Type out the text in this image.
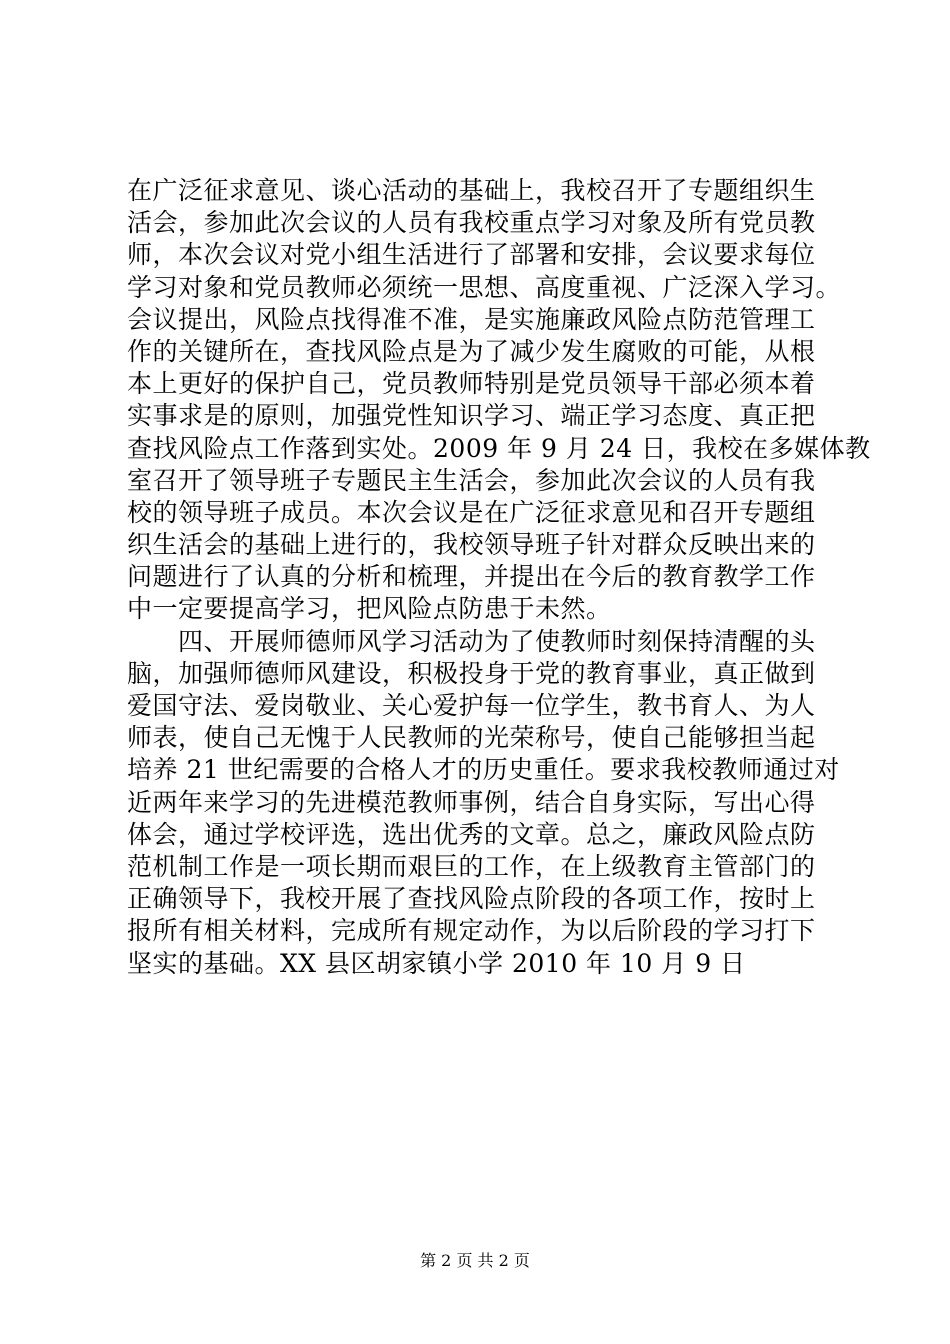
在广泛征求意见、谈心活动的基础上，我校召开了专题组织生
活会，参加此次会议的人员有我校重点学习对象及所有党员教
师，本次会议对党小组生活进行了部署和安排，会议要求每位
学习对象和党员教师必须统一思想、高度重视、广泛深入学习。
会议提出，风险点找得准不准，是实施廉政风险点防范管理工
作的关键所在，查找风险点是为了减少发生腐败的可能，从根
本上更好的保护自己，党员教师特别是党员领导干部必须本着
实事求是的原则，加强党性知识学习、端正学习态度、真正把
查找风险点工作落到实处。2009 年 9 月 24 日，我校在多媒体教
室召开了领导班子专题民主生活会，参加此次会议的人员有我
校的领导班子成员。本次会议是在广泛征求意见和召开专题组
织生活会的基础上进行的，我校领导班子针对群众反映出来的
问题进行了认真的分析和梳理，并提出在今后的教育教学工作
中一定要提高学习，把风险点防患于未然。
　　四、开展师德师风学习活动为了使教师时刻保持清醒的头
脑，加强师德师风建设，积极投身于党的教育事业，真正做到
爱国守法、爱岗敬业、关心爱护每一位学生，教书育人、为人
师表，使自己无愧于人民教师的光荣称号，使自己能够担当起
培养 21 世纪需要的合格人才的历史重任。要求我校教师通过对
近两年来学习的先进模范教师事例，结合自身实际，写出心得
体会，通过学校评选，选出优秀的文章。总之，廉政风险点防
范机制工作是一项长期而艰巨的工作，在上级教育主管部门的
正确领导下，我校开展了查找风险点阶段的各项工作，按时上
报所有相关材料，完成所有规定动作，为以后阶段的学习打下
坚实的基础。XX 县区胡家镇小学 2010 年 10 月 9 日
第 2 页 共 2 页
